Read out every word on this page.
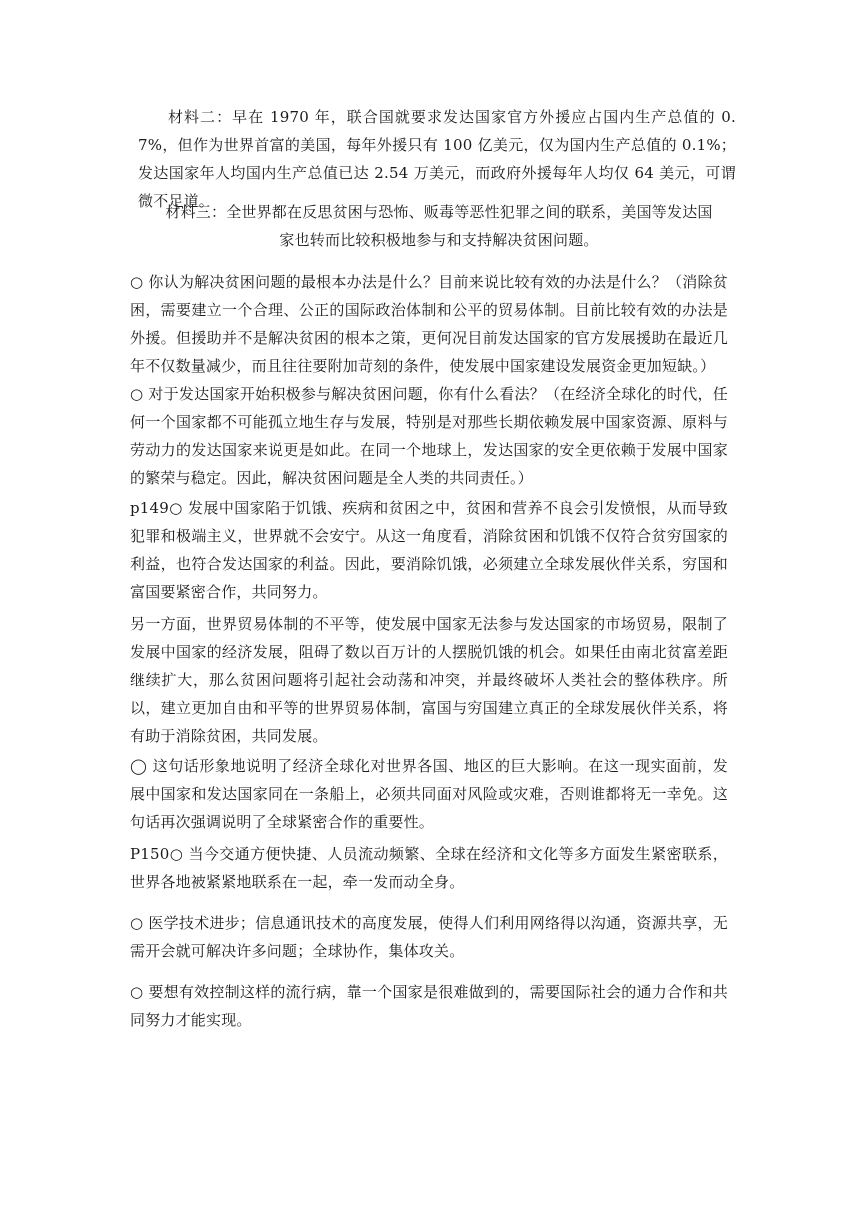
材料二：早在 1970 年，联合国就要求发达国家官方外援应占国内生产总值的 0.7%，但作为世界首富的美国，每年外援只有 100 亿美元，仅为国内生产总值的 0.1%；发达国家年人均国内生产总值已达 2.54 万美元，而政府外援每年人均仅 64 美元，可谓微不足道。

材料三：全世界都在反思贫困与恐怖、贩毒等恶性犯罪之间的联系，美国等发达国家也转而比较积极地参与和支持解决贫困问题。

○ 你认为解决贫困问题的最根本办法是什么？目前来说比较有效的办法是什么？（消除贫困，需要建立一个合理、公正的国际政治体制和公平的贸易体制。目前比较有效的办法是外援。但援助并不是解决贫困的根本之策，更何况目前发达国家的官方发展援助在最近几年不仅数量减少，而且往往要附加苛刻的条件，使发展中国家建设发展资金更加短缺。）

○ 对于发达国家开始积极参与解决贫困问题，你有什么看法？（在经济全球化的时代，任何一个国家都不可能孤立地生存与发展，特别是对那些长期依赖发展中国家资源、原料与劳动力的发达国家来说更是如此。在同一个地球上，发达国家的安全更依赖于发展中国家的繁荣与稳定。因此，解决贫困问题是全人类的共同责任。）

p149○ 发展中国家陷于饥饿、疾病和贫困之中，贫困和营养不良会引发愤恨，从而导致犯罪和极端主义，世界就不会安宁。从这一角度看，消除贫困和饥饿不仅符合贫穷国家的利益，也符合发达国家的利益。因此，要消除饥饿，必须建立全球发展伙伴关系，穷国和富国要紧密合作，共同努力。

另一方面，世界贸易体制的不平等，使发展中国家无法参与发达国家的市场贸易，限制了发展中国家的经济发展，阻碍了数以百万计的人摆脱饥饿的机会。如果任由南北贫富差距继续扩大，那么贫困问题将引起社会动荡和冲突，并最终破坏人类社会的整体秩序。所以，建立更加自由和平等的世界贸易体制，富国与穷国建立真正的全球发展伙伴关系，将有助于消除贫困，共同发展。

◯ 这句话形象地说明了经济全球化对世界各国、地区的巨大影响。在这一现实面前，发展中国家和发达国家同在一条船上，必须共同面对风险或灾难，否则谁都将无一幸免。这句话再次强调说明了全球紧密合作的重要性。

P150○ 当今交通方便快捷、人员流动频繁、全球在经济和文化等多方面发生紧密联系，世界各地被紧紧地联系在一起，牵一发而动全身。

○ 医学技术进步；信息通讯技术的高度发展，使得人们利用网络得以沟通，资源共享，无需开会就可解决许多问题；全球协作，集体攻关。

○ 要想有效控制这样的流行病，靠一个国家是很难做到的，需要国际社会的通力合作和共同努力才能实现。
